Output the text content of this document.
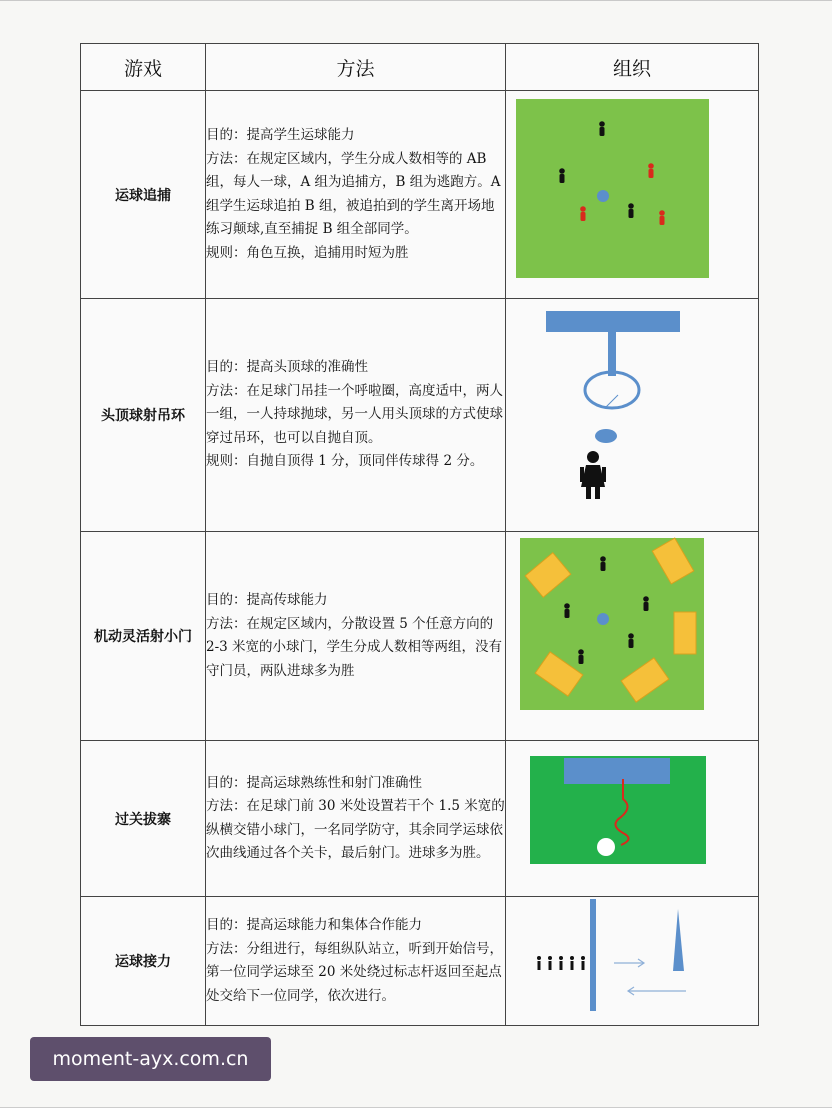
游戏	方法	组织
运球追捕	目的：提高学生运球能力
方法：在规定区域内，学生分成人数相等的 AB 组，每人一球，A 组为追捕方，B 组为逃跑方。A 组学生运球追拍 B 组，被追拍到的学生离开场地练习颠球,直至捕捉 B 组全部同学。
规则：角色互换，追捕用时短为胜

头顶球射吊环	目的：提高头顶球的准确性
方法：在足球门吊挂一个呼啦圈，高度适中，两人一组，一人持球抛球，另一人用头顶球的方式使球穿过吊环，也可以自抛自顶。
规则：自抛自顶得 1 分，顶同伴传球得 2 分。

机动灵活射小门	目的：提高传球能力
方法：在规定区域内，分散设置 5 个任意方向的 2-3 米宽的小球门，学生分成人数相等两组，没有守门员，两队进球多为胜

过关拔寨	目的：提高运球熟练性和射门准确性
方法：在足球门前 30 米处设置若干个 1.5 米宽的纵横交错小球门，一名同学防守，其余同学运球依次曲线通过各个关卡，最后射门。进球多为胜。

运球接力	目的：提高运球能力和集体合作能力
方法：分组进行，每组纵队站立，听到开始信号，第一位同学运球至 20 米处绕过标志杆返回至起点处交给下一位同学，依次进行。

moment-ayx.com.cn
